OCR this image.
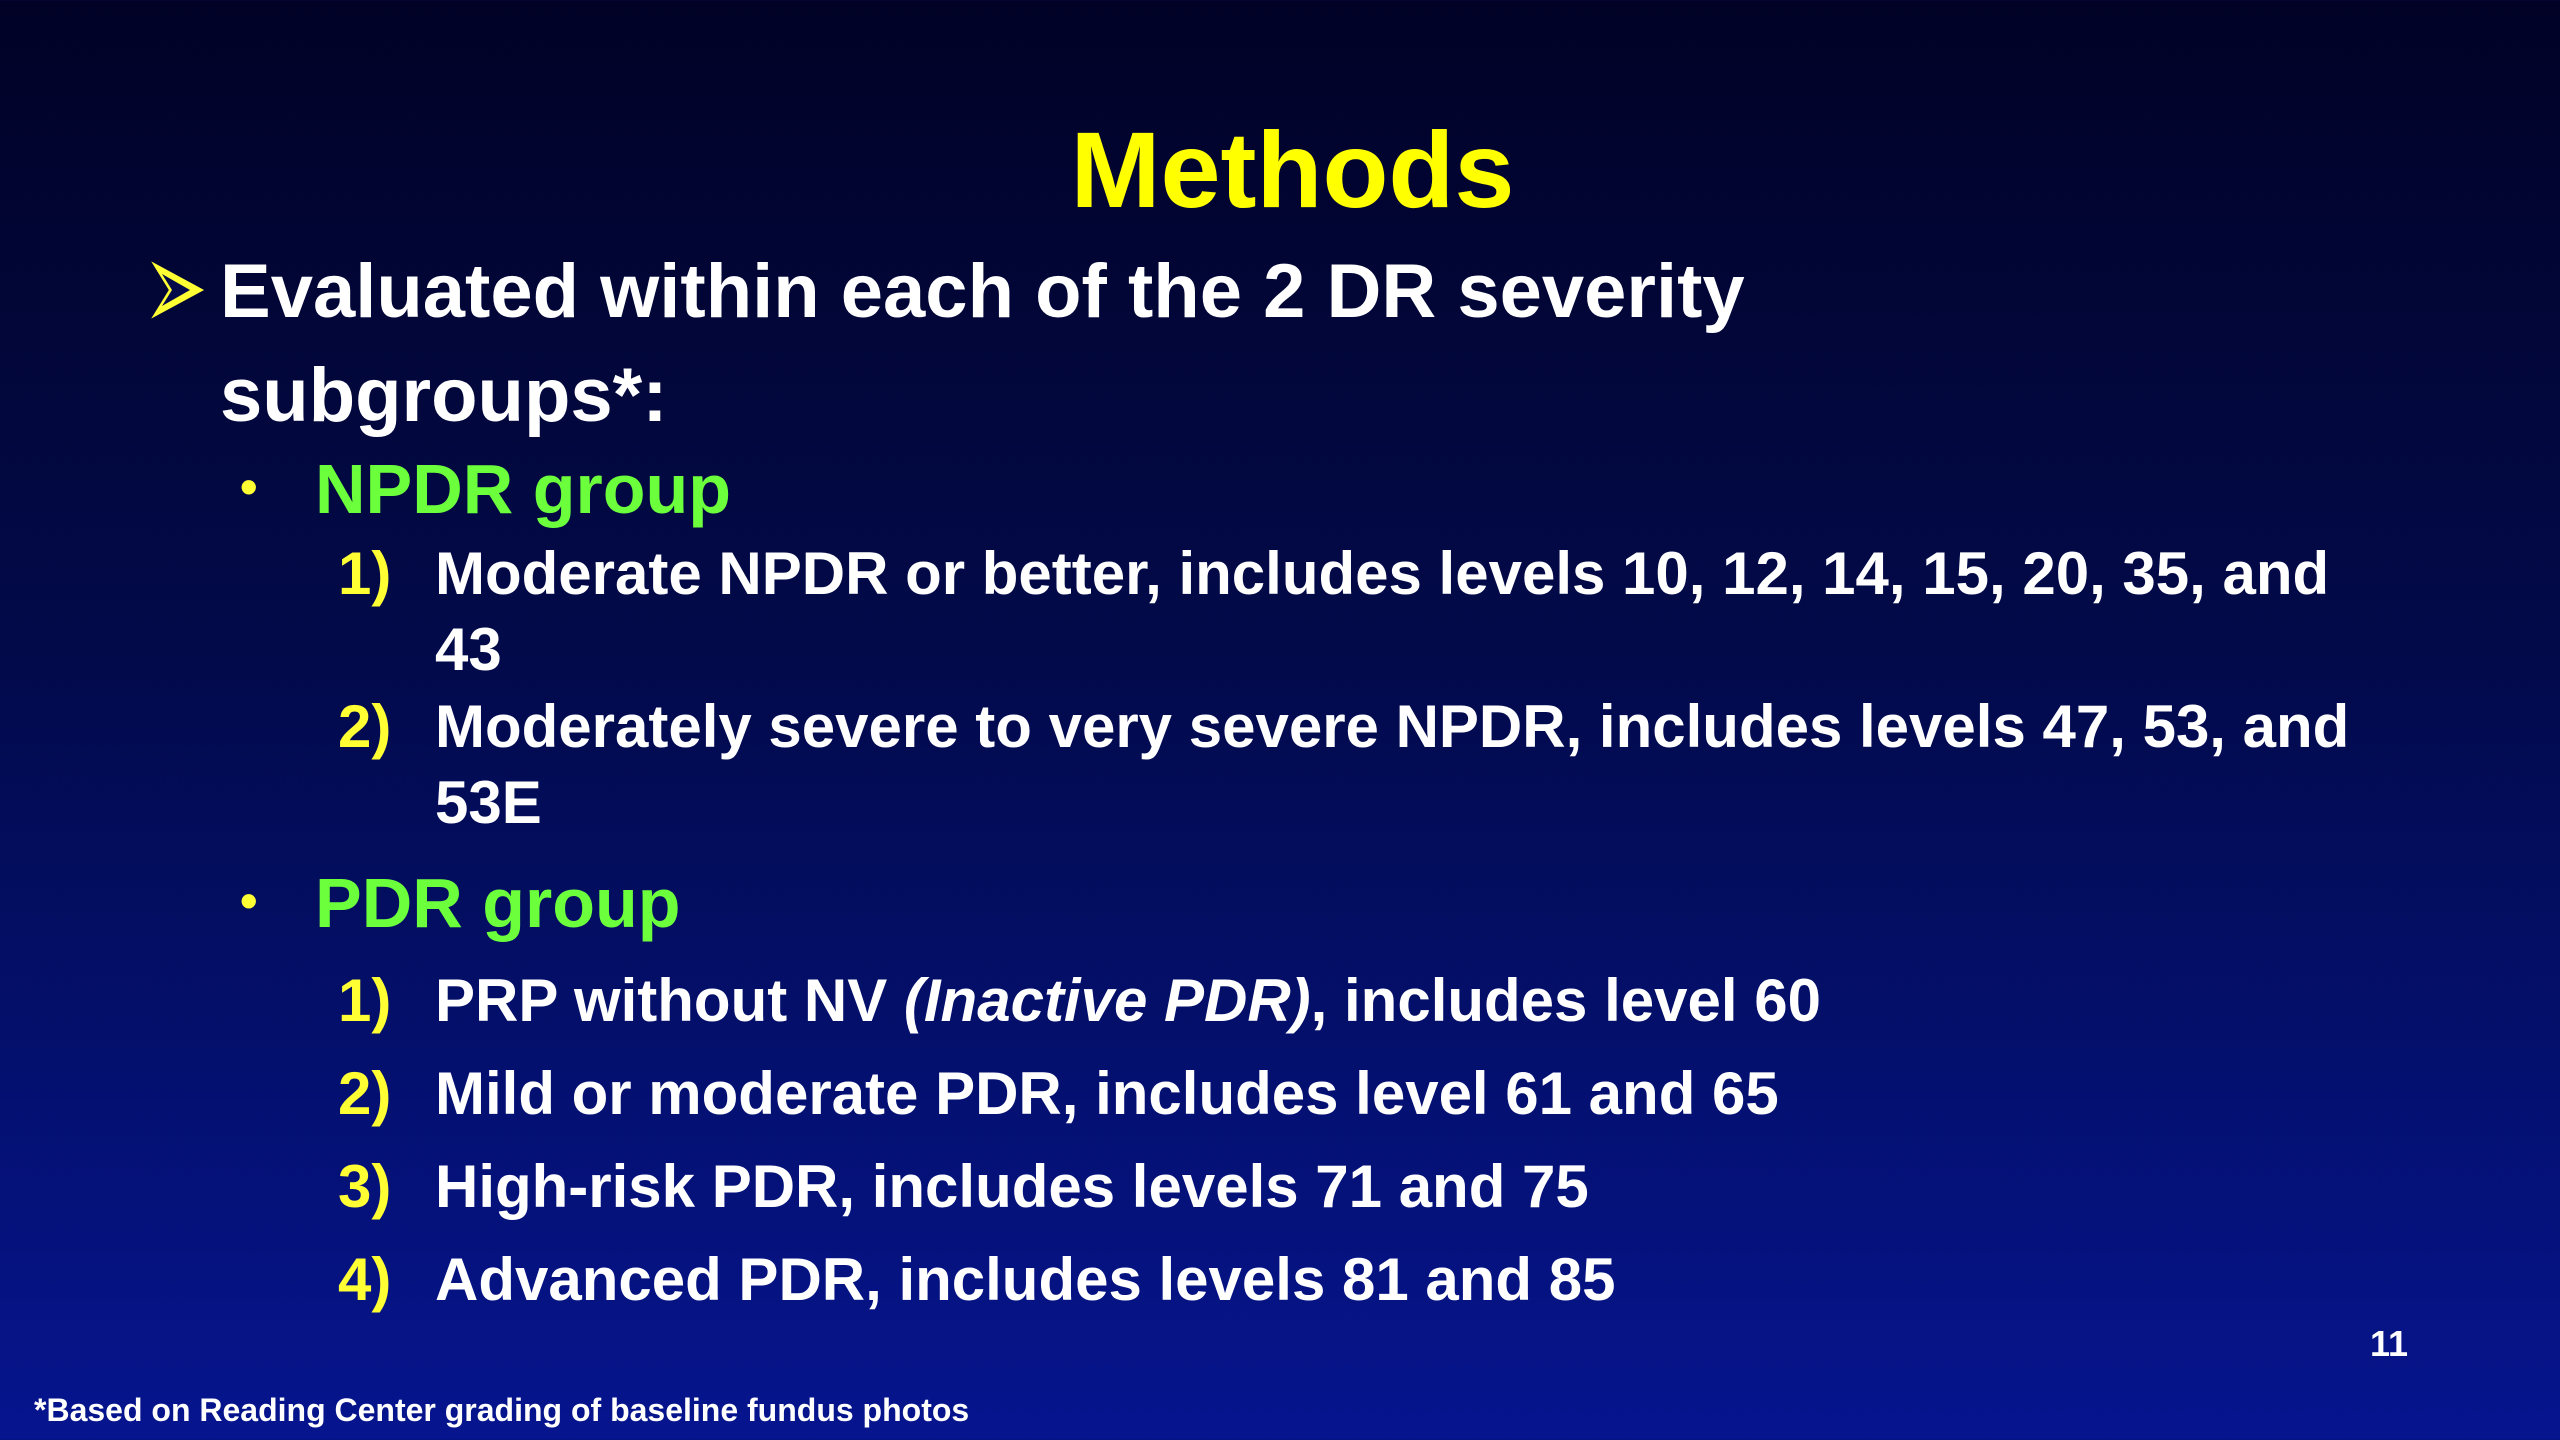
Methods
Evaluated within each of the 2 DR severity subgroups*:
• NPDR group
1) Moderate NPDR or better, includes levels 10, 12, 14, 15, 20, 35, and 43
2) Moderately severe to very severe NPDR, includes levels 47, 53, and 53E
• PDR group
1) PRP without NV (Inactive PDR), includes level 60
2) Mild or moderate PDR, includes level 61 and 65
3) High-risk PDR, includes levels 71 and 75
4) Advanced PDR, includes levels 81 and 85
11
*Based on Reading Center grading of baseline fundus photos
